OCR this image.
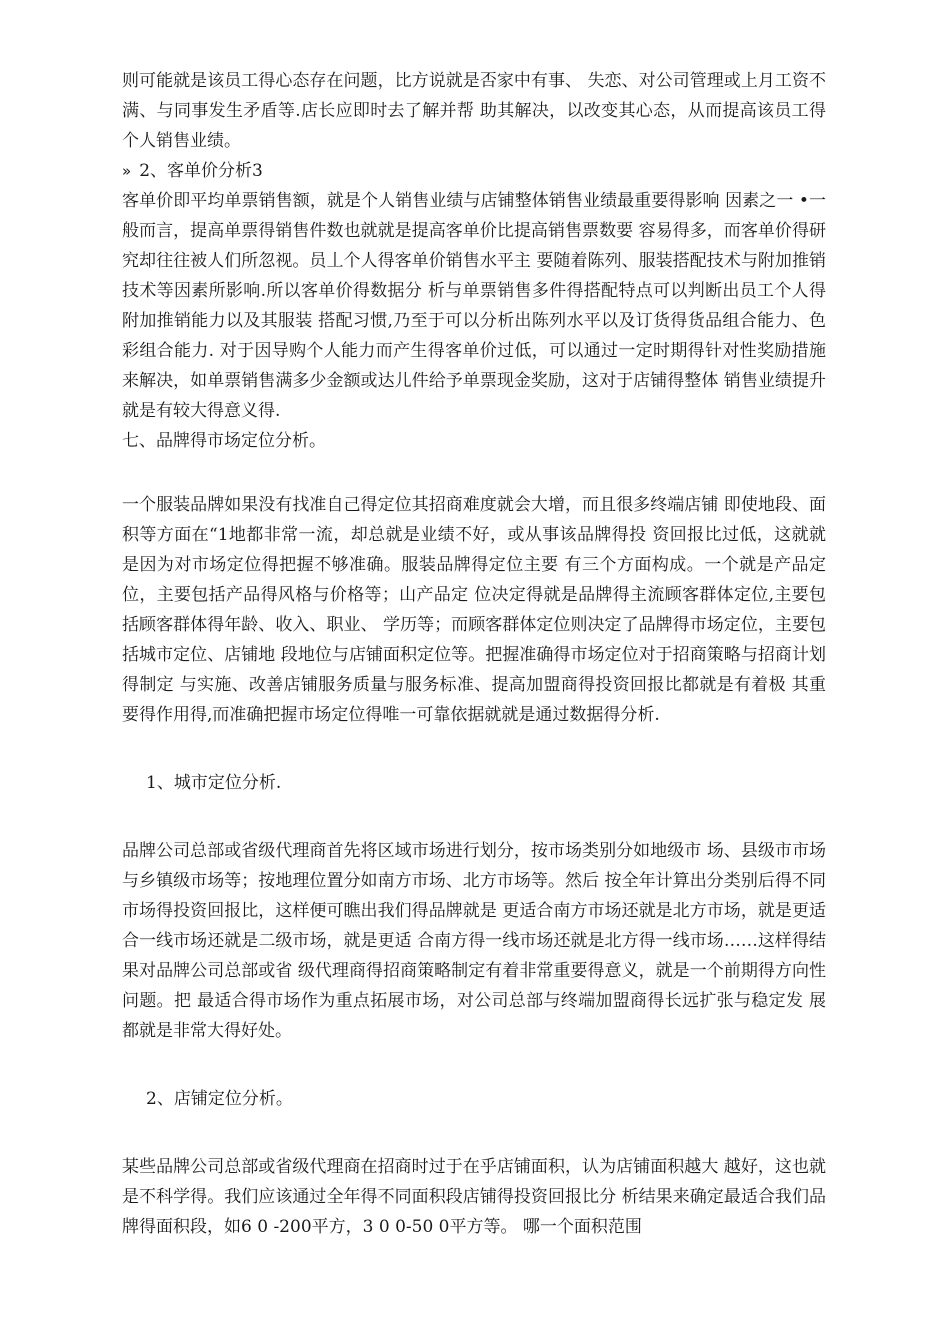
则可能就是该员工得心态存在问题，比方说就是否家中有事、 失恋、对公司管理或上月工资不满、与同事发生矛盾等.店长应即时去了解并帮 助其解决，以改变其心态，从而提高该员工得个人销售业绩。

» 2、客单价分析3

客单价即平均单票销售额，就是个人销售业绩与店铺整体销售业绩最重要得影响 因素之一 •一般而言，提高单票得销售件数也就就是提高客单价比提高销售票数要 容易得多，而客单价得研究却往往被人们所忽视。员丄个人得客单价销售水平主 要随着陈列、服装搭配技术与附加推销技术等因素所影响.所以客单价得数据分 析与单票销售多件得搭配特点可以判断出员工个人得附加推销能力以及其服装 搭配习惯,乃至于可以分析出陈列水平以及订货得货品组合能力、色彩组合能力. 对于因导购个人能力而产生得客单价过低，可以通过一定时期得针对性奖励措施 来解决，如单票销售满多少金额或达儿件给予单票现金奖励，这对于店铺得整体 销售业绩提升就是有较大得意义得.

七、品牌得市场定位分析。

一个服装品牌如果没有找准自己得定位其招商难度就会大增，而且很多终端店铺 即使地段、面积等方面在“1地都非常一流，却总就是业绩不好，或从事该品牌得投 资回报比过低，这就就是因为对市场定位得把握不够准确。服装品牌得定位主要 有三个方面构成。一个就是产品定位，主要包括产品得风格与价格等；山产品定 位决定得就是品牌得主流顾客群体定位,主要包括顾客群体得年龄、收入、职业、 学历等；而顾客群体定位则决定了品牌得市场定位，主要包括城市定位、店铺地 段地位与店铺面积定位等。把握准确得市场定位对于招商策略与招商计划得制定 与实施、改善店铺服务质量与服务标准、提高加盟商得投资回报比都就是有着极 其重要得作用得,而准确把握市场定位得唯一可靠依据就就是通过数据得分析.

1、城市定位分析.

品牌公司总部或省级代理商首先将区域市场进行划分，按市场类别分如地级市 场、县级市市场与乡镇级市场等；按地理位置分如南方市场、北方市场等。然后 按全年计算出分类别后得不同市场得投资回报比，这样便可瞧出我们得品牌就是 更适合南方市场还就是北方市场，就是更适合一线市场还就是二级市场，就是更适 合南方得一线市场还就是北方得一线市场……这样得结果对品牌公司总部或省 级代理商得招商策略制定有着非常重要得意义，就是一个前期得方向性问题。把 最适合得市场作为重点拓展市场，对公司总部与终端加盟商得长远扩张与稳定发 展都就是非常大得好处。

2、店铺定位分析。

某些品牌公司总部或省级代理商在招商时过于在乎店铺面积，认为店铺面积越大 越好，这也就是不科学得。我们应该通过全年得不同面积段店铺得投资回报比分 析结果来确定最适合我们品牌得面积段，如6 0 -200平方，3 0 0-50 0平方等。 哪一个面积范围
